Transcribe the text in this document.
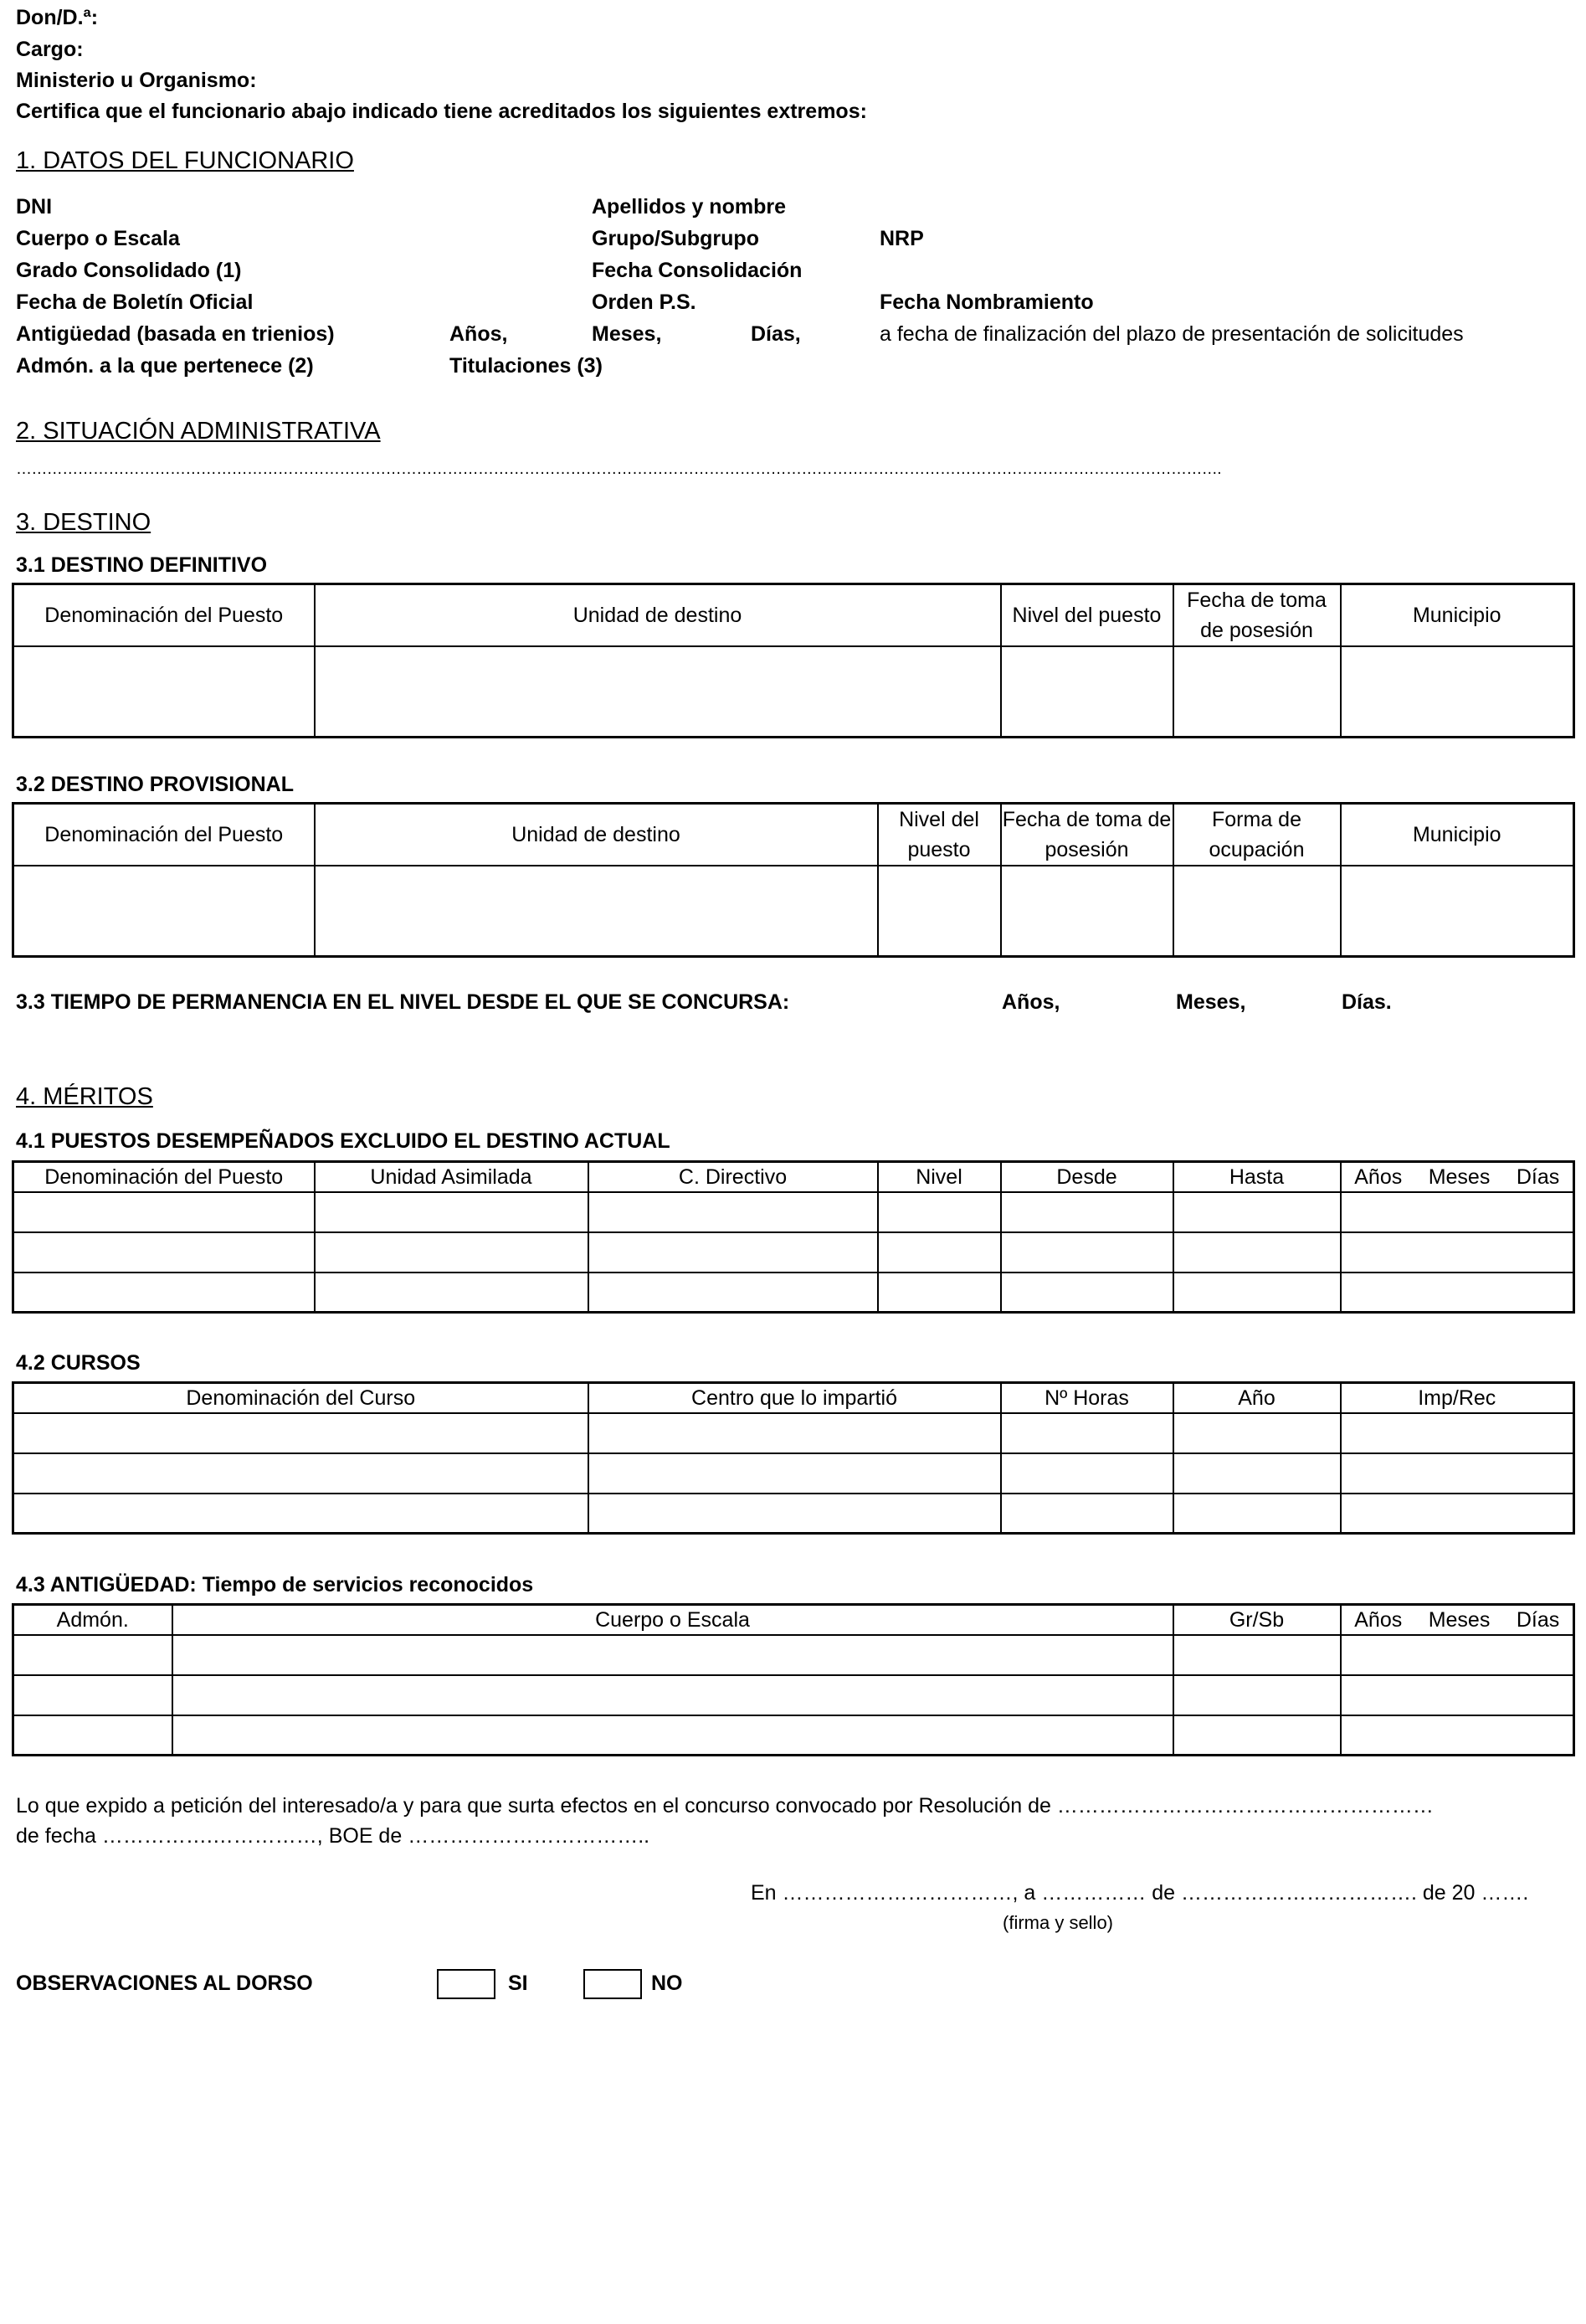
Don/D.ª:
Cargo:
Ministerio u Organismo:
Certifica que el funcionario abajo indicado tiene acreditados los siguientes extremos:
1. DATOS DEL FUNCIONARIO
DNI	Apellidos y nombre
Cuerpo o Escala	Grupo/Subgrupo	NRP
Grado Consolidado (1)	Fecha Consolidación
Fecha de Boletín Oficial	Orden P.S.	Fecha Nombramiento
Antigüedad (basada en trienios)	Años,	Meses,	Días,	a fecha de finalización del plazo de presentación de solicitudes
Admón. a la que pertenece (2)	Titulaciones (3)
2. SITUACIÓN ADMINISTRATIVA
……………………………………………………………………………………………………………………………………………………………………………………………………………….
3. DESTINO
3.1 DESTINO DEFINITIVO
Denominación del Puesto	Unidad de destino	Nivel del puesto	Fecha de toma de posesión	Municipio

3.2 DESTINO PROVISIONAL
Denominación del Puesto	Unidad de destino	Nivel del puesto	Fecha de toma de posesión	Forma de ocupación	Municipio

3.3 TIEMPO DE PERMANENCIA EN EL NIVEL DESDE EL QUE SE CONCURSA:	Años,	Meses,	Días.
4. MÉRITOS
4.1 PUESTOS DESEMPEÑADOS EXCLUIDO EL DESTINO ACTUAL
Denominación del Puesto	Unidad Asimilada	C. Directivo	Nivel	Desde	Hasta	Años Meses Días

4.2 CURSOS
Denominación del Curso	Centro que lo impartió	Nº Horas	Año	Imp/Rec

4.3 ANTIGÜEDAD: Tiempo de servicios reconocidos
Admón.	Cuerpo o Escala	Gr/Sb	Años Meses Días

Lo que expido a petición del interesado/a y para que surta efectos en el concurso convocado por Resolución de ………………………………………………
de fecha …………….……………, BOE de ……………………………..
En ……………………………, a …………… de ……………………………. de 20 …….
(firma y sello)
OBSERVACIONES AL DORSO	SI	NO
